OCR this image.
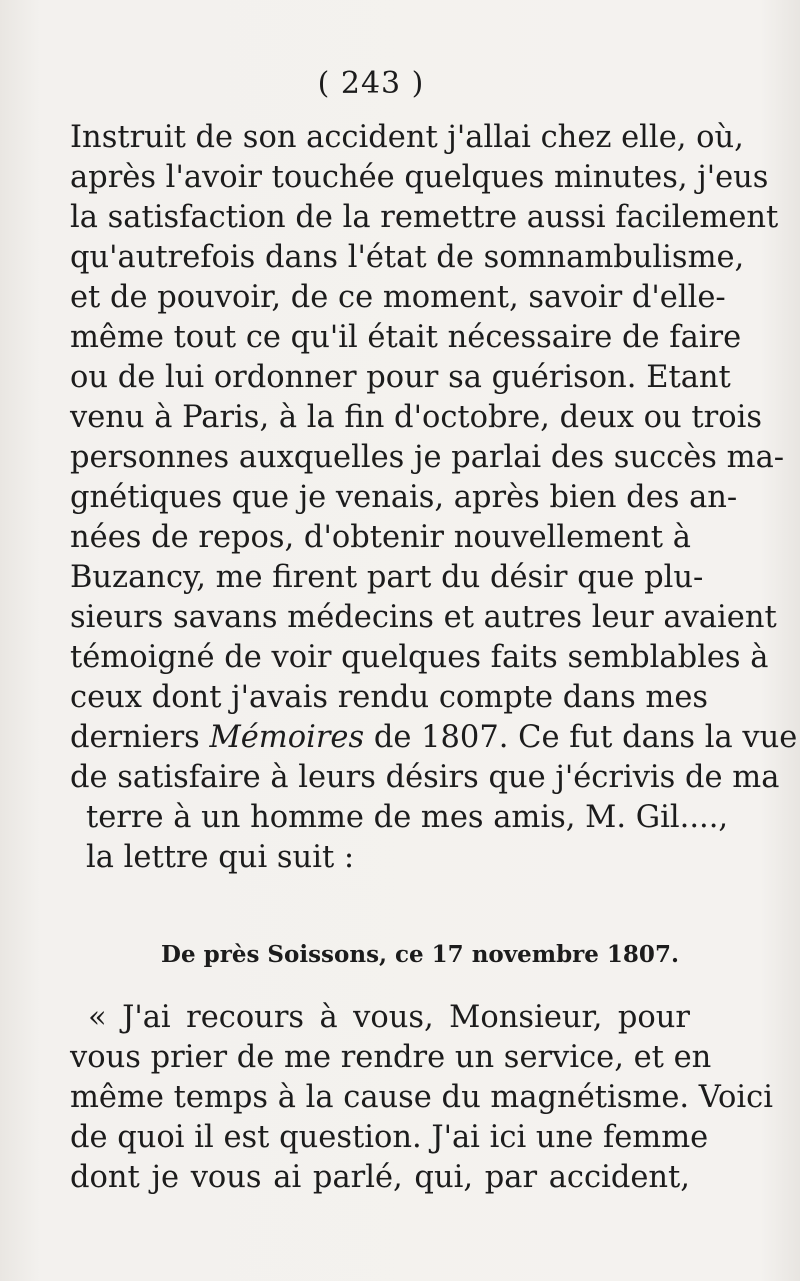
( 243 )
Instruit de son accident j'allai chez elle, où,
après l'avoir touchée quelques minutes, j'eus
la satisfaction de la remettre aussi facilement
qu'autrefois dans l'état de somnambulisme,
et de pouvoir, de ce moment, savoir d'elle-
même tout ce qu'il était nécessaire de faire
ou de lui ordonner pour sa guérison. Etant
venu à Paris, à la fin d'octobre, deux ou trois
personnes auxquelles je parlai des succès ma-
gnétiques que je venais, après bien des an-
nées de repos, d'obtenir nouvellement à
Buzancy, me firent part du désir que plu-
sieurs savans médecins et autres leur avaient
témoigné de voir quelques faits semblables à
ceux dont j'avais rendu compte dans mes
derniers Mémoires de 1807. Ce fut dans la vue
de satisfaire à leurs désirs que j'écrivis de ma
terre à un homme de mes amis, M. Gil....,
la lettre qui suit :
De près Soissons, ce 17 novembre 1807.
« J'ai recours à vous, Monsieur, pour
vous prier de me rendre un service, et en
même temps à la cause du magnétisme. Voici
de quoi il est question. J'ai ici une femme
dont je vous ai parlé, qui, par accident,
